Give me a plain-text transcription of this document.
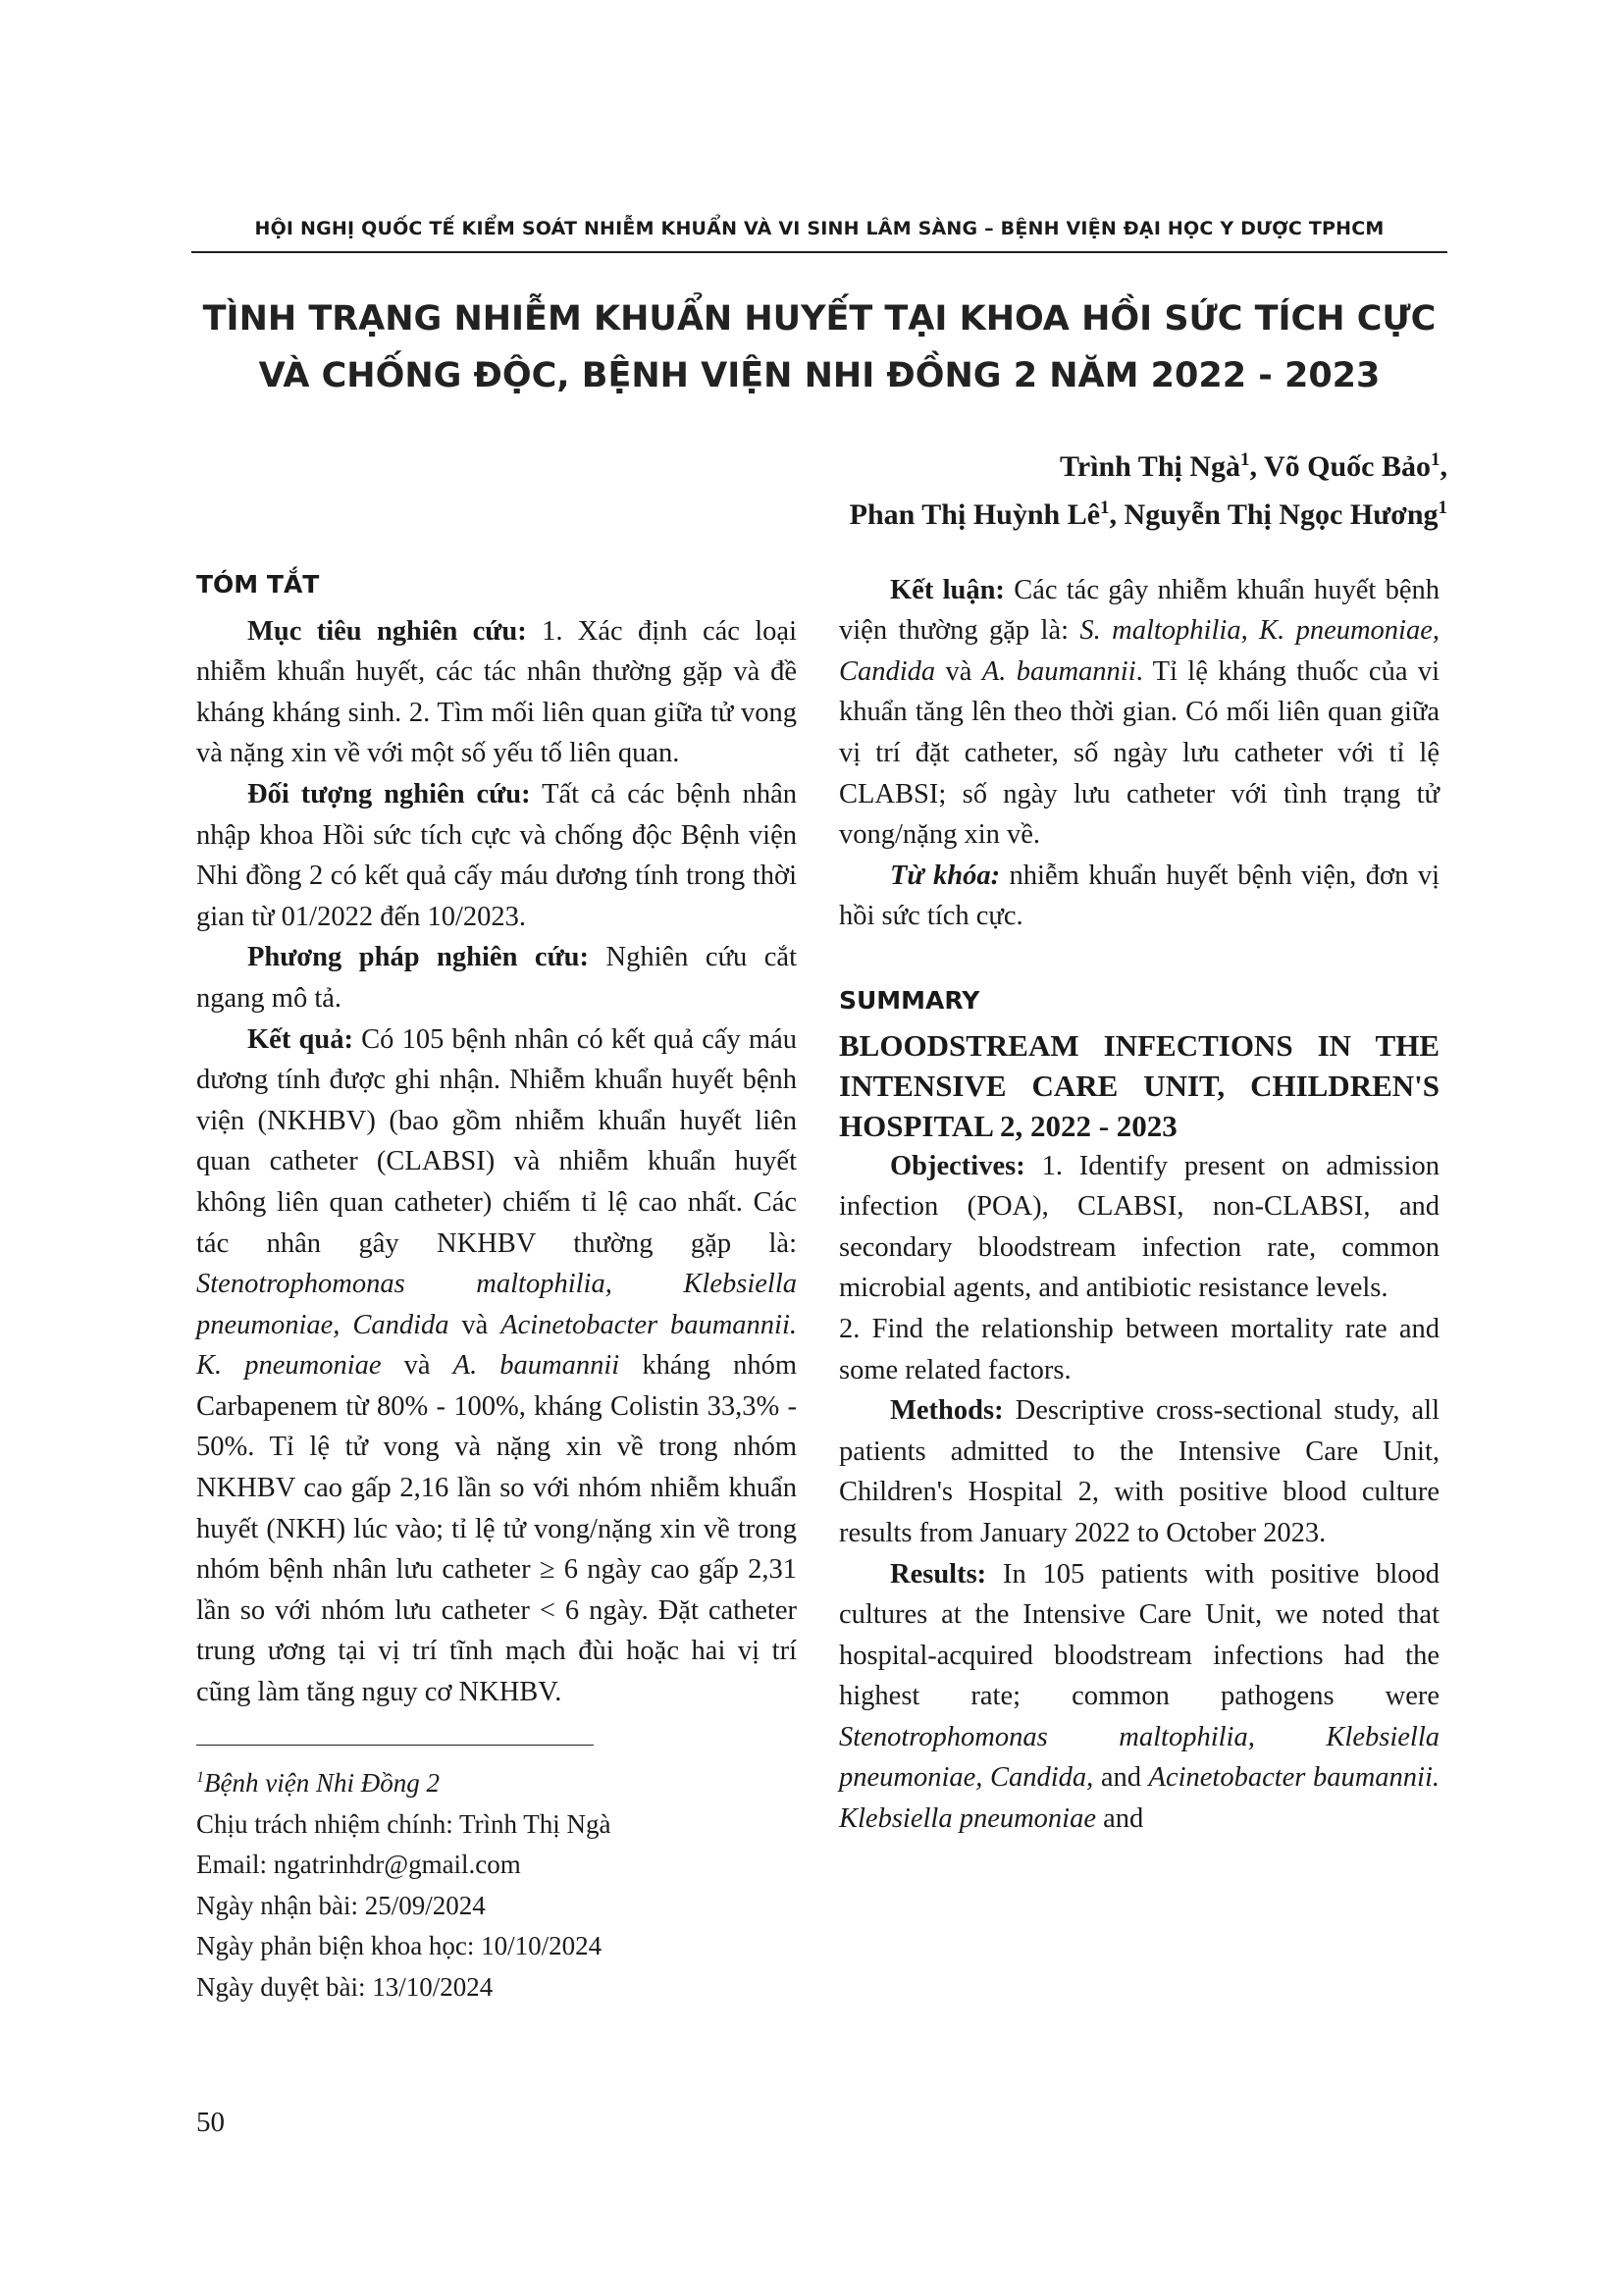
HỘI NGHỊ QUỐC TẾ KIỂM SOÁT NHIỄM KHUẨN VÀ VI SINH LÂM SÀNG – BỆNH VIỆN ĐẠI HỌC Y DƯỢC TPHCM
TÌNH TRẠNG NHIỄM KHUẨN HUYẾT TẠI KHOA HỒI SỨC TÍCH CỰC
VÀ CHỐNG ĐỘC, BỆNH VIỆN NHI ĐỒNG 2 NĂM 2022 - 2023
Trình Thị Ngà$^1$, Võ Quốc Bảo$^1$,
Phan Thị Huỳnh $Lê^1$, Nguyễn Thị Ngọc Hương$^1$

TÓM TẮT

Mục tiêu nghiên cứu: 1. Xác định các loại nhiễm khuẩn huyết, các tác nhân thường gặp và đề kháng kháng sinh. 2. Tìm mối liên quan giữa tử vong và nặng xin về với một số yếu tố liên quan.

Đối tượng nghiên cứu: Tất cả các bệnh nhân nhập khoa Hồi sức tích cực và chống độc Bệnh viện Nhi đồng 2 có kết quả cấy máu dương tính trong thời gian từ 01/2022 đến 10/2023.

Phương pháp nghiên cứu: Nghiên cứu cắt ngang mô tả.

Kết quả: Có 105 bệnh nhân có kết quả cấy máu dương tính được ghi nhận. Nhiễm khuẩn huyết bệnh viện (NKHBV) (bao gồm nhiễm khuẩn huyết liên quan catheter (CLABSI) và nhiễm khuẩn huyết không liên quan catheter) chiếm tỉ lệ cao nhất. Các tác nhân gây NKHBV thường gặp là: Stenotrophomonas maltophilia, Klebsiella pneumoniae, Candida và Acinetobacter baumannii. K. pneumoniae và A. baumannii kháng nhóm Carbapenem từ 80% - 100%, kháng Colistin 33,3% - 50%. Tỉ lệ tử vong và nặng xin về trong nhóm NKHBV cao gấp 2,16 lần so với nhóm nhiễm khuẩn huyết (NKH) lúc vào; tỉ lệ tử vong/nặng xin về trong nhóm bệnh nhân lưu catheter ≥ 6 ngày cao gấp 2,31 lần so với nhóm lưu catheter < 6 ngày. Đặt catheter trung ương tại vị trí tĩnh mạch đùi hoặc hai vị trí cũng làm tăng nguy cơ NKHBV.

Kết luận: Các tác gây nhiễm khuẩn huyết bệnh viện thường gặp là: S. maltophilia, K. pneumoniae, Candida và A. baumannii. Tỉ lệ kháng thuốc của vi khuẩn tăng lên theo thời gian. Có mối liên quan giữa vị trí đặt catheter, số ngày lưu catheter với tỉ lệ CLABSI; số ngày lưu catheter với tình trạng tử vong/nặng xin về.

Từ khóa: nhiễm khuẩn huyết bệnh viện, đơn vị hồi sức tích cực.

SUMMARY

BLOODSTREAM INFECTIONS IN THE INTENSIVE CARE UNIT, CHILDREN'S HOSPITAL 2, 2022 - 2023

Objectives: 1. Identify present on admission infection (POA), CLABSI, non-CLABSI, and secondary bloodstream infection rate, common microbial agents, and antibiotic resistance levels.

2. Find the relationship between mortality rate and some related factors.

Methods: Descriptive cross-sectional study, all patients admitted to the Intensive Care Unit, Children's Hospital 2, with positive blood culture results from January 2022 to October 2023.

Results: In 105 patients with positive blood cultures at the Intensive Care Unit, we noted that hospital-acquired bloodstream infections had the highest rate; common pathogens were Stenotrophomonas maltophilia, Klebsiella pneumoniae, Candida, and Acinetobacter baumannii. Klebsiella pneumoniae and

$^1$Bệnh viện Nhi Đồng 2
Chịu trách nhiệm chính: Trình Thị Ngà
Email: ngatrinhdr@gmail.com
Ngày nhận bài: 25/09/2024
Ngày phản biện khoa học: 10/10/2024
Ngày duyệt bài: 13/10/2024
50
